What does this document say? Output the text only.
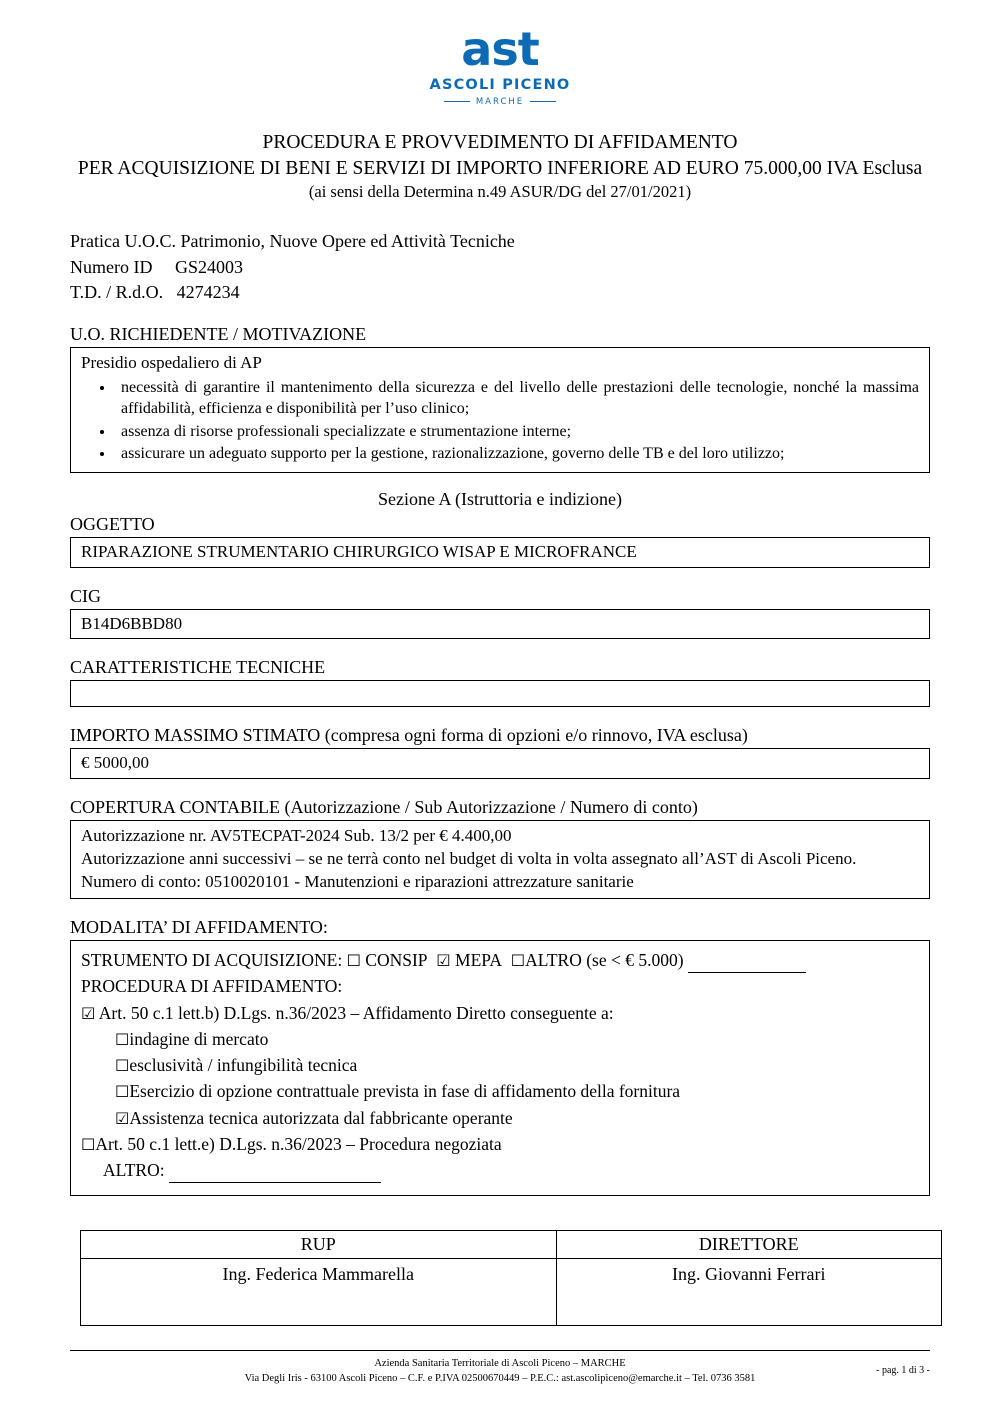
ast
ASCOLI PICENO
MARCHE
PROCEDURA E PROVVEDIMENTO DI AFFIDAMENTO
PER ACQUISIZIONE DI BENI E SERVIZI DI IMPORTO INFERIORE AD EURO 75.000,00 IVA Esclusa
(ai sensi della Determina n.49 ASUR/DG del 27/01/2021)
Pratica U.O.C. Patrimonio, Nuove Opere ed Attività Tecniche
Numero ID GS24003
T.D. / R.d.O. 4274234
U.O. RICHIEDENTE / MOTIVAZIONE
Presidio ospedaliero di AP
• necessità di garantire il mantenimento della sicurezza e del livello delle prestazioni delle tecnologie, nonché la massima affidabilità, efficienza e disponibilità per l’uso clinico;
• assenza di risorse professionali specializzate e strumentazione interne;
• assicurare un adeguato supporto per la gestione, razionalizzazione, governo delle TB e del loro utilizzo;
Sezione A (Istruttoria e indizione)
OGGETTO
RIPARAZIONE STRUMENTARIO CHIRURGICO WISAP E MICROFRANCE
CIG
B14D6BBD80
CARATTERISTICHE TECNICHE
IMPORTO MASSIMO STIMATO (compresa ogni forma di opzioni e/o rinnovo, IVA esclusa)
€ 5000,00
COPERTURA CONTABILE (Autorizzazione / Sub Autorizzazione / Numero di conto)
Autorizzazione nr. AV5TECPAT-2024 Sub. 13/2 per € 4.400,00
Autorizzazione anni successivi – se ne terrà conto nel budget di volta in volta assegnato all’AST di Ascoli Piceno.
Numero di conto: 0510020101 - Manutenzioni e riparazioni attrezzature sanitarie
MODALITA’ DI AFFIDAMENTO:
STRUMENTO DI ACQUISIZIONE: ☐ CONSIP ☑ MEPA ☐ALTRO (se < € 5.000)
PROCEDURA DI AFFIDAMENTO:
☑ Art. 50 c.1 lett.b) D.Lgs. n.36/2023 – Affidamento Diretto conseguente a:
☐indagine di mercato
☐esclusività / infungibilità tecnica
☐Esercizio di opzione contrattuale prevista in fase di affidamento della fornitura
☑Assistenza tecnica autorizzata dal fabbricante operante
☐Art. 50 c.1 lett.e) D.Lgs. n.36/2023 – Procedura negoziata
ALTRO:
RUP	DIRETTORE
Ing. Federica Mammarella	Ing. Giovanni Ferrari
Azienda Sanitaria Territoriale di Ascoli Piceno – MARCHE
Via Degli Iris - 63100 Ascoli Piceno – C.F. e P.IVA 02500670449 – P.E.C.: ast.ascolipiceno@emarche.it – Tel. 0736 3581
- pag. 1 di 3 -
